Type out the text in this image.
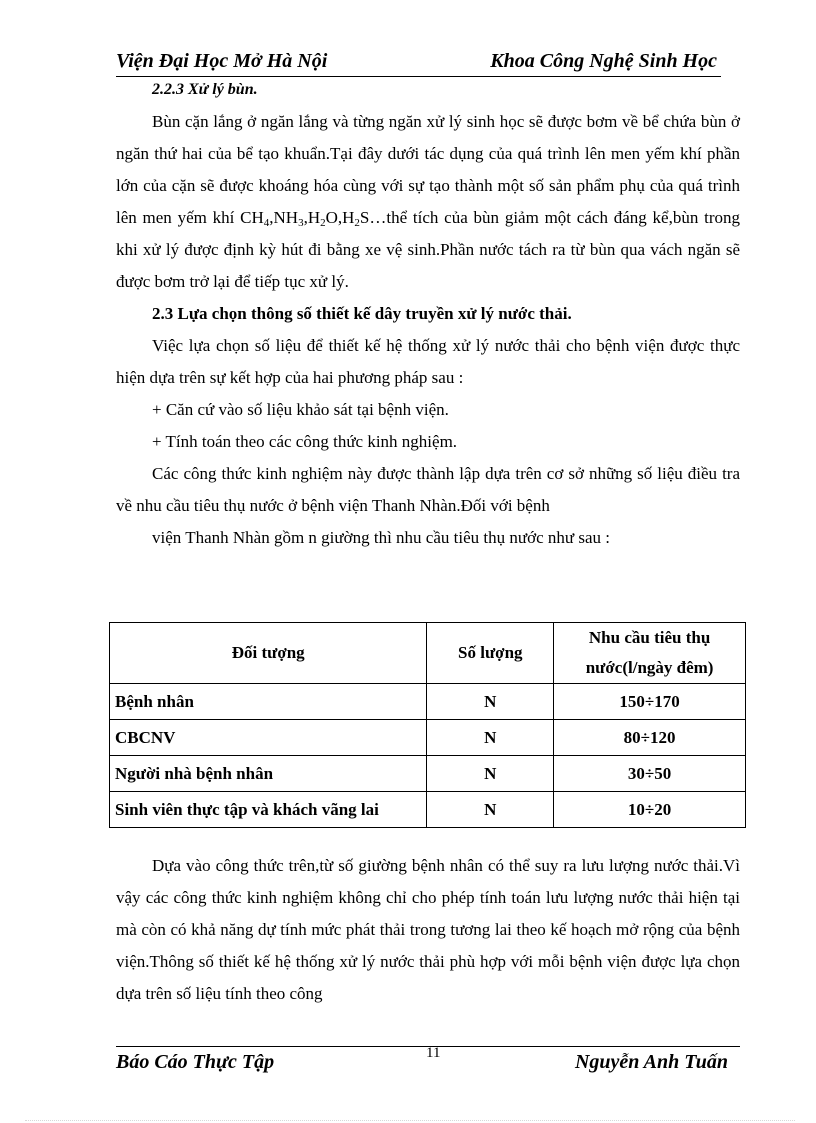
Viện Đại Học Mở Hà Nội	Khoa Công Nghệ Sinh Học

2.2.3 Xử lý bùn.

Bùn cặn lắng ở ngăn lắng và từng ngăn xử lý sinh học sẽ được bơm về bể chứa bùn ở ngăn thứ hai của bể tạo khuẩn.Tại đây dưới tác dụng của quá trình lên men yếm khí phần lớn của cặn sẽ được khoáng hóa cùng với sự tạo thành một số sản phẩm phụ của quá trình lên men yếm khí $CH_4,NH_3,H_2O,H_2S\dots thể$ tích của bùn giảm một cách đáng kể,bùn trong khi xử lý được định kỳ hút đi bằng xe vệ sinh.Phần nước tách ra từ bùn qua vách ngăn sẽ được bơm trở lại để tiếp tục xử lý.

2.3 Lựa chọn thông số thiết kế dây truyền xử lý nước thải.

Việc lựa chọn số liệu để thiết kế hệ thống xử lý nước thải cho bệnh viện được thực hiện dựa trên sự kết hợp của hai phương pháp sau :

+ Căn cứ vào số liệu khảo sát tại bệnh viện.

+ Tính toán theo các công thức kinh nghiệm.

Các công thức kinh nghiệm này được thành lập dựa trên cơ sở những số liệu điều tra về nhu cầu tiêu thụ nước ở bệnh viện Thanh Nhàn.Đối với bệnh

viện Thanh Nhàn gồm n giường thì nhu cầu tiêu thụ nước như sau :

Đối tượng	Số lượng	Nhu cầu tiêu thụ nước(l/ngày đêm)
Bệnh nhân	N	150÷170
CBCNV	N	80÷120
Người nhà bệnh nhân	N	30÷50
Sinh viên thực tập và khách vãng lai	N	10÷20

Dựa vào công thức trên,từ số giường bệnh nhân có thể suy ra lưu lượng nước thải.Vì vậy các công thức kinh nghiệm không chỉ cho phép tính toán lưu lượng nước thải hiện tại mà còn có khả năng dự tính mức phát thải trong tương lai theo kế hoạch mở rộng của bệnh viện.Thông số thiết kế hệ thống xử lý nước thải phù hợp với mỗi bệnh viện được lựa chọn dựa trên số liệu tính theo công

Báo Cáo Thực Tập	11	Nguyễn Anh Tuấn
